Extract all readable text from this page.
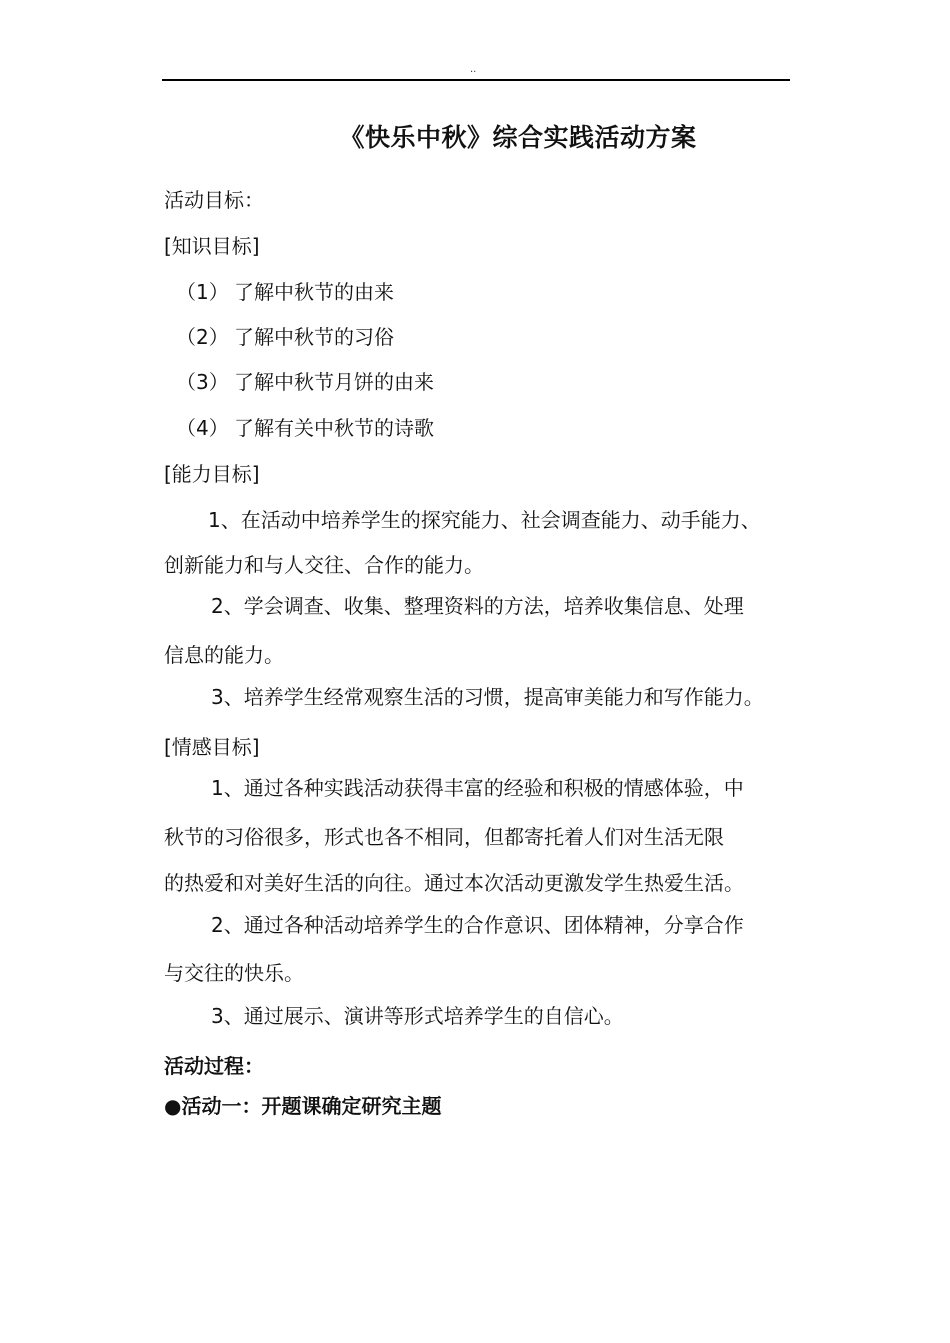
..
《快乐中秋》综合实践活动方案
活动目标：
[知识目标]
（1） 了解中秋节的由来
（2） 了解中秋节的习俗
（3） 了解中秋节月饼的由来
（4） 了解有关中秋节的诗歌
[能力目标]
1、在活动中培养学生的探究能力、社会调查能力、动手能力、
创新能力和与人交往、合作的能力。
2、学会调查、收集、整理资料的方法，培养收集信息、处理
信息的能力。
3、培养学生经常观察生活的习惯，提高审美能力和写作能力。
[情感目标]
1、通过各种实践活动获得丰富的经验和积极的情感体验，中
秋节的习俗很多，形式也各不相同，但都寄托着人们对生活无限
的热爱和对美好生活的向往。通过本次活动更激发学生热爱生活。
2、通过各种活动培养学生的合作意识、团体精神，分享合作
与交往的快乐。
3、通过展示、演讲等形式培养学生的自信心。
活动过程：
●活动一：开题课确定研究主题
